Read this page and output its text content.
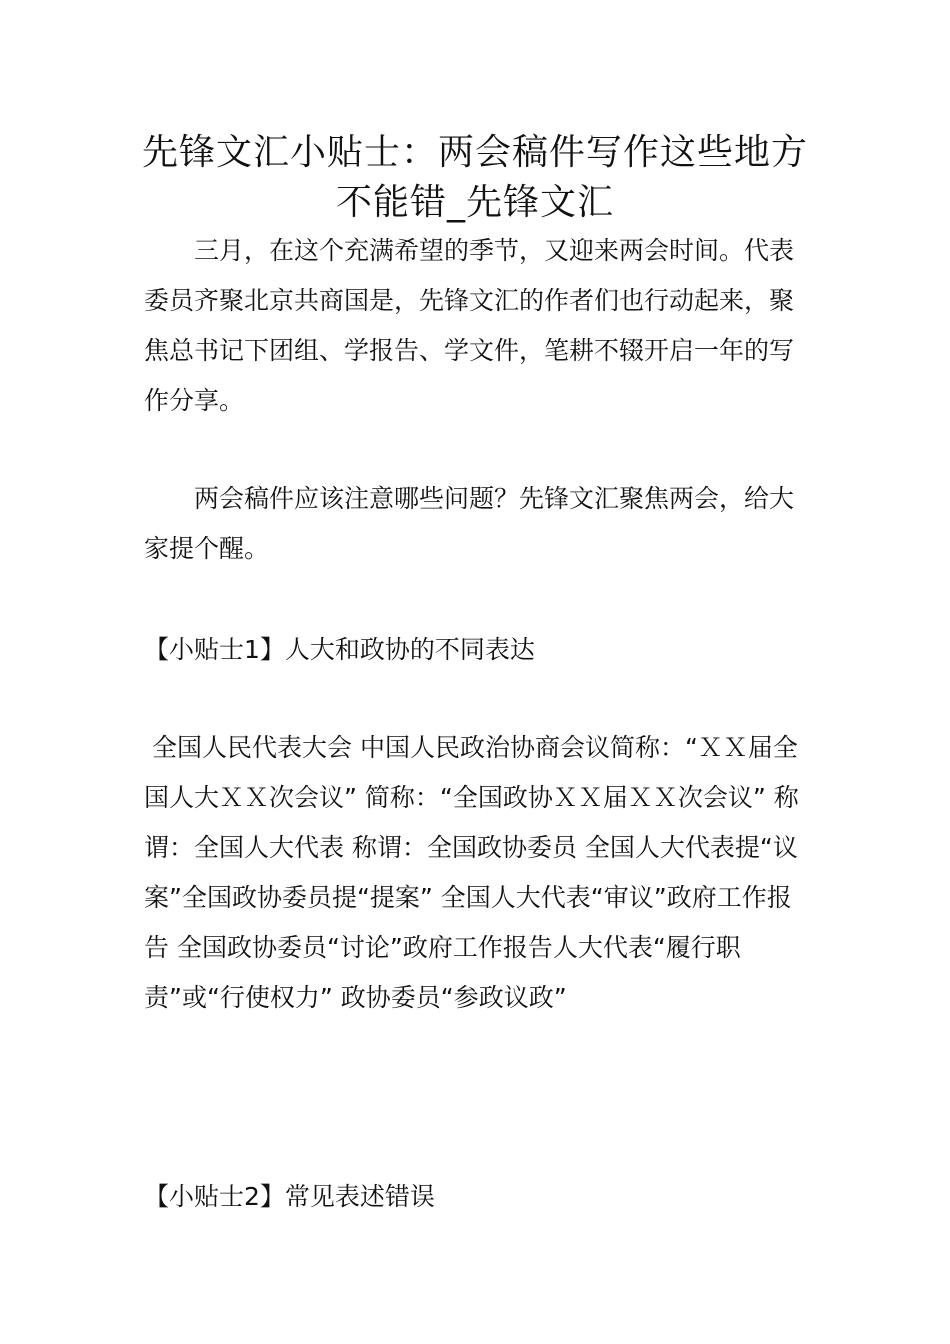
先锋文汇小贴士：两会稿件写作这些地方不能错_先锋文汇

三月，在这个充满希望的季节，又迎来两会时间。代表委员齐聚北京共商国是，先锋文汇的作者们也行动起来，聚焦总书记下团组、学报告、学文件，笔耕不辍开启一年的写作分享。

两会稿件应该注意哪些问题？先锋文汇聚焦两会，给大家提个醒。

【小贴士1】人大和政协的不同表达

全国人民代表大会 中国人民政治协商会议简称：“ＸＸ届全国人大ＸＸ次会议” 简称：“全国政协ＸＸ届ＸＸ次会议” 称谓：全国人大代表 称谓：全国政协委员 全国人大代表提“议案”全国政协委员提“提案” 全国人大代表“审议”政府工作报告 全国政协委员“讨论”政府工作报告人大代表“履行职责”或“行使权力” 政协委员“参政议政”

【小贴士2】常见表述错误
